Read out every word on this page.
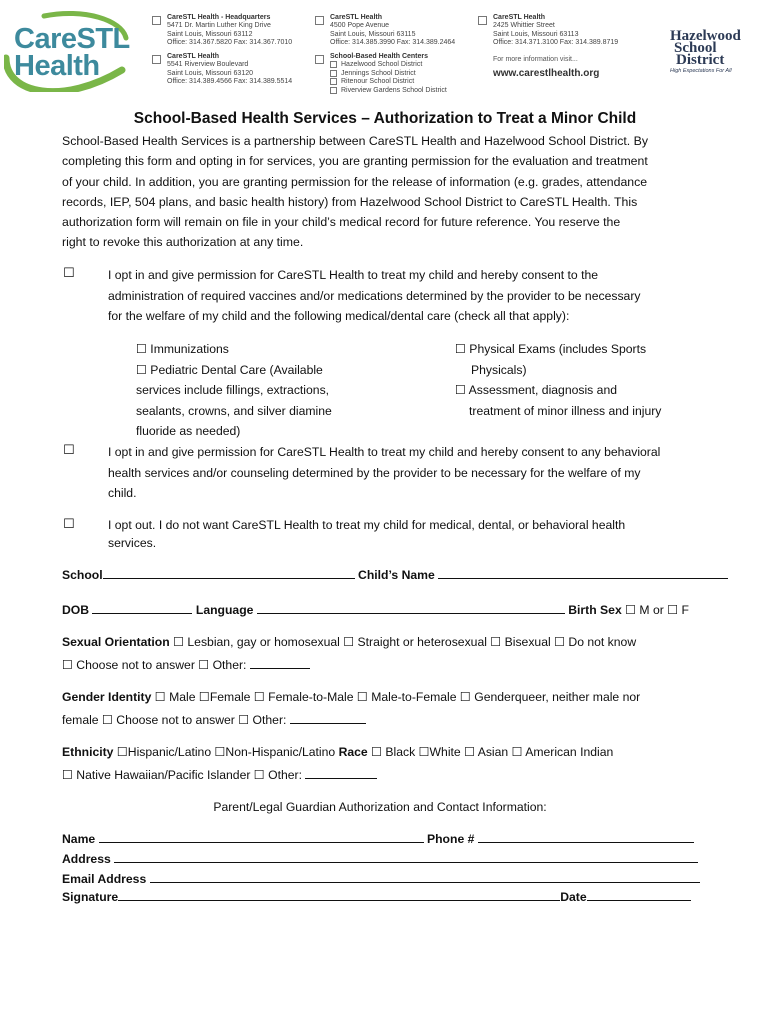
CareSTL
Health
CareSTL Health - Headquarters
5471 Dr. Martin Luther King Drive
Saint Louis, Missouri 63112
Office: 314.367.5820 Fax: 314.367.7010
CareSTL Health
4500 Pope Avenue
Saint Louis, Missouri 63115
Office: 314.385.3990 Fax: 314.389.2464
CareSTL Health
2425 Whittier Street
Saint Louis, Missouri 63113
Office: 314.371.3100 Fax: 314.389.8719
CareSTL Health
5541 Riverview Boulevard
Saint Louis, Missouri 63120
Office: 314.389.4566 Fax: 314.389.5514
School-Based Health Centers
Hazelwood School District
Jennings School District
Ritenour School District
Riverview Gardens School District
For more information visit...
www.carestlhealth.org
Hazelwood
School
District
High Expectations For All
School-Based Health Services – Authorization to Treat a Minor Child
School-Based Health Services is a partnership between CareSTL Health and Hazelwood School District. By
completing this form and opting in for services, you are granting permission for the evaluation and treatment
of your child. In addition, you are granting permission for the release of information (e.g. grades, attendance
records, IEP, 504 plans, and basic health history) from Hazelwood School District to CareSTL Health. This
authorization form will remain on file in your child’s medical record for future reference. You reserve the
right to revoke this authorization at any time.
☐	I opt in and give permission for CareSTL Health to treat my child and hereby consent to the
administration of required vaccines and/or medications determined by the provider to be necessary
for the welfare of my child and the following medical/dental care (check all that apply):
☐ Immunizations
☐ Pediatric Dental Care (Available
services include fillings, extractions,
sealants, crowns, and silver diamine
fluoride as needed)
☐ Physical Exams (includes Sports
Physicals)
☐ Assessment, diagnosis and
treatment of minor illness and injury
☐	I opt in and give permission for CareSTL Health to treat my child and hereby consent to any behavioral
health services and/or counseling determined by the provider to be necessary for the welfare of my
child.
☐	I opt out. I do not want CareSTL Health to treat my child for medical, dental, or behavioral health
services.
School	Child’s Name
DOB	Language	Birth Sex ☐ M or ☐ F
Sexual Orientation ☐ Lesbian, gay or homosexual ☐ Straight or heterosexual ☐ Bisexual ☐ Do not know
☐ Choose not to answer ☐ Other:
Gender Identity ☐ Male ☐Female ☐ Female-to-Male ☐ Male-to-Female ☐ Genderqueer, neither male nor
female ☐ Choose not to answer ☐ Other:
Ethnicity ☐Hispanic/Latino ☐Non-Hispanic/Latino Race ☐ Black ☐White ☐ Asian ☐ American Indian
☐ Native Hawaiian/Pacific Islander ☐ Other:
Parent/Legal Guardian Authorization and Contact Information:
Name	Phone #
Address
Email Address
Signature	Date
